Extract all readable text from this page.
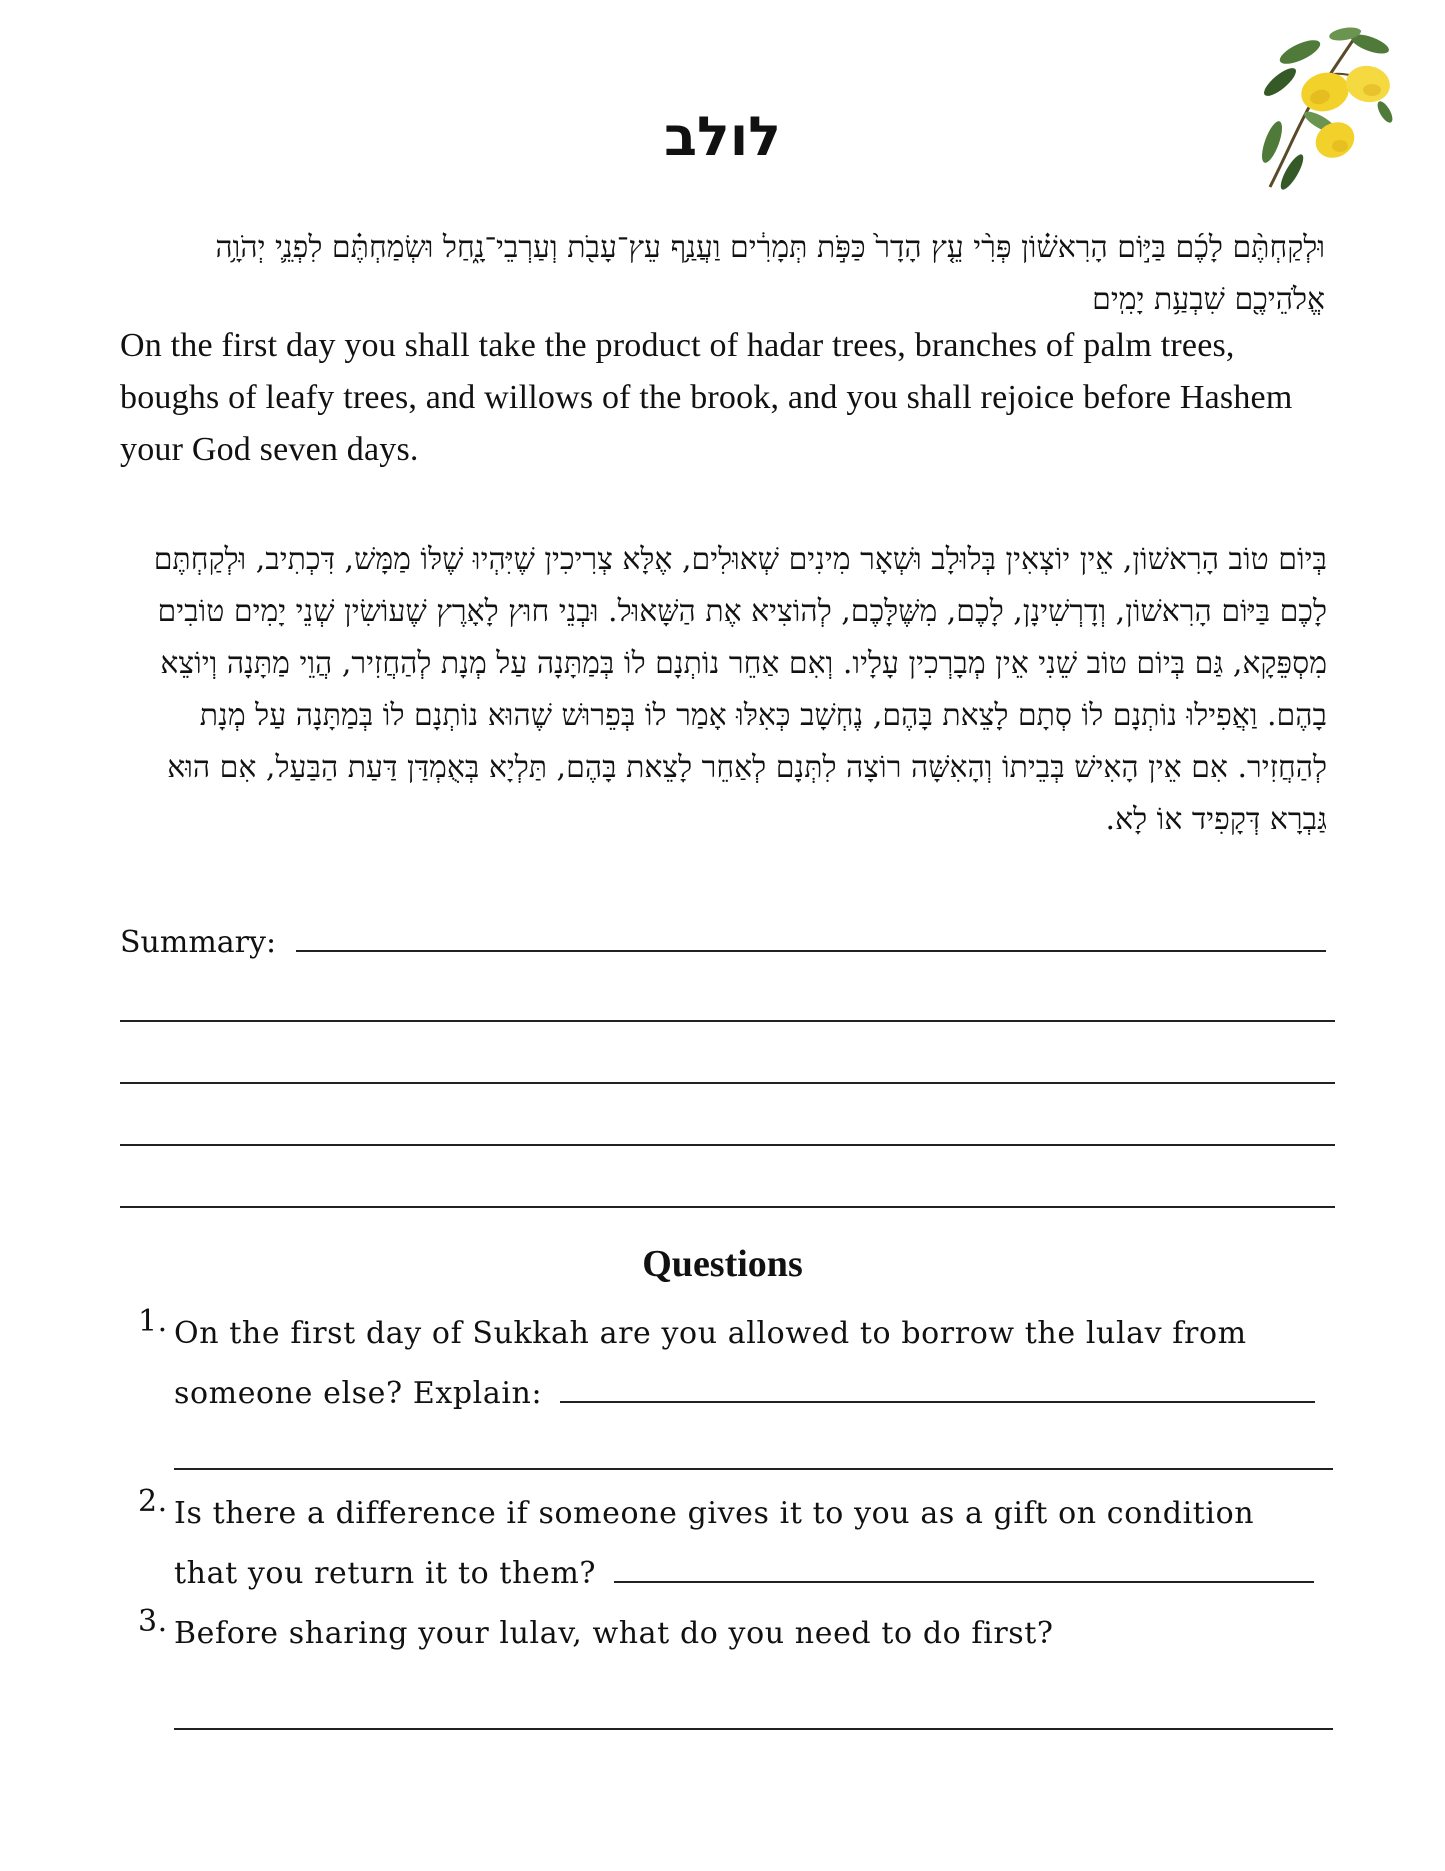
לולב

וּלְקַחְתֶּ֨ם לָכֶ֜ם בַּיּ֣וֹם הָרִאשׁ֗וֹן פְּרִ֨י עֵ֤ץ הָדָר֙ כַּפֹּ֣ת תְּמָרִ֔ים וַעֲנַ֥ף עֵץ־עָבֹ֖ת וְעַרְבֵי־נָ֑חַל וּשְׂמַחְתֶּ֗ם לִפְנֵ֛י יְהֹוָ֥ה אֱלֹהֵיכֶ֖ם שִׁבְעַ֥ת יָמִֽים

On the first day you shall take the product of hadar trees, branches of palm trees, boughs of leafy trees, and willows of the brook, and you shall rejoice before Hashem your God seven days.

בְּיוֹם טוֹב הָרִאשׁוֹן, אֵין יוֹצְאִין בְּלוּלָב וּשְׁאָר מִינִים שְׁאוּלִים, אֶלָּא צְרִיכִין שֶׁיִּהְיוּ שֶׁלּוֹ מַמָּשׁ, דִּכְתִיב, וּלְקַחְתֶּם לָכֶם בַּיּוֹם הָרִאשׁוֹן, וְדָרְשִׁינָן, לָכֶם, מִשֶּׁלָּכֶם, לְהוֹצִיא אֶת הַשָּׁאוּל. וּבְנֵי חוּץ לָאָרֶץ שֶׁעוֹשִׂין שְׁנֵי יָמִים טוֹבִים מִסְפֵּקָא, גַּם בְּיוֹם טוֹב שֵׁנִי אֵין מְבָרְכִין עָלָיו. וְאִם אַחֵר נוֹתְנָם לוֹ בְּמַתָּנָה עַל מְנָת לְהַחֲזִיר, הֲוֵי מַתָּנָה וְיוֹצֵא בָהֶם. וַאֲפִילוּ נוֹתְנָם לוֹ סְתָם לָצֵאת בָּהֶם, נֶחְשָׁב כְּאִלּוּ אָמַר לוֹ בְּפֵרוּשׁ שֶׁהוּא נוֹתְנָם לוֹ בְּמַתָּנָה עַל מְנָת לְהַחֲזִיר. אִם אֵין הָאִישׁ בְּבֵיתוֹ וְהָאִשָּׁה רוֹצָה לִתְּנָם לְאַחֵר לָצֵאת בָּהֶם, תַּלְיָא בְּאֻמְדַּן דַּעַת הַבַּעַל, אִם הוּא גַּבְרָא דְּקָפִיד אוֹ לָא.

Summary:
Questions
1. On the first day of Sukkah are you allowed to borrow the lulav from
someone else? Explain:
2. Is there a difference if someone gives it to you as a gift on condition
that you return it to them?
3. Before sharing your lulav, what do you need to do first?
